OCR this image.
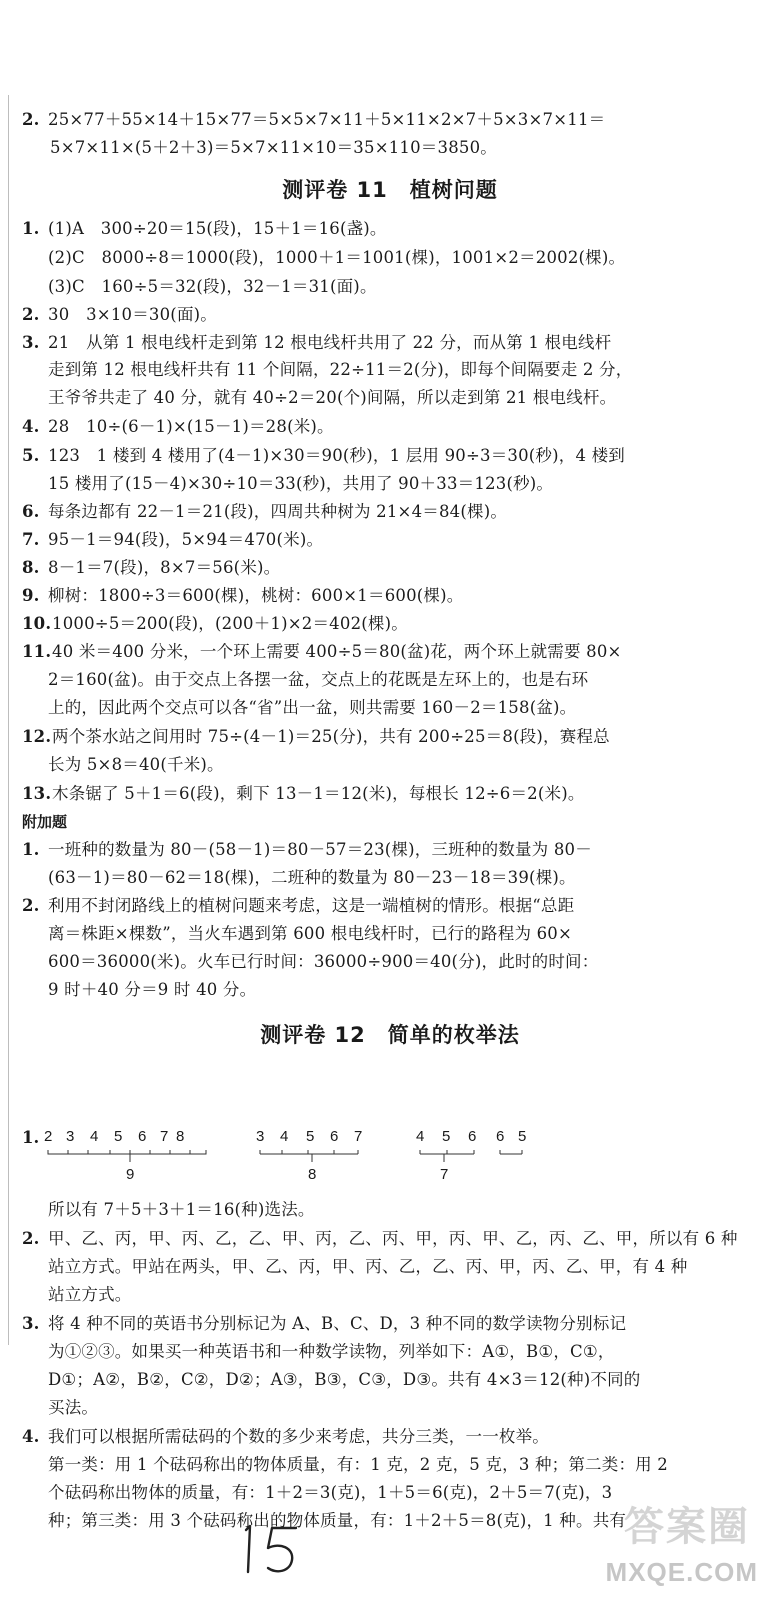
2. 25×77＋55×14＋15×77＝5×5×7×11＋5×11×2×7＋5×3×7×11＝
5×7×11×(5＋2＋3)＝5×7×11×10＝35×110＝3850。
测评卷 11　植树问题
1. (1)A　300÷20＝15(段)，15＋1＝16(盏)。
(2)C　8000÷8＝1000(段)，1000＋1＝1001(棵)，1001×2＝2002(棵)。
(3)C　160÷5＝32(段)，32－1＝31(面)。
2. 30　3×10＝30(面)。
3. 21　从第 1 根电线杆走到第 12 根电线杆共用了 22 分，而从第 1 根电线杆
走到第 12 根电线杆共有 11 个间隔，22÷11＝2(分)，即每个间隔要走 2 分，
王爷爷共走了 40 分，就有 40÷2＝20(个)间隔，所以走到第 21 根电线杆。
4. 28　10÷(6－1)×(15－1)＝28(米)。
5. 123　1 楼到 4 楼用了(4－1)×30＝90(秒)，1 层用 90÷3＝30(秒)，4 楼到
15 楼用了(15－4)×30÷10＝33(秒)，共用了 90＋33＝123(秒)。
6. 每条边都有 22－1＝21(段)，四周共种树为 21×4＝84(棵)。
7. 95－1＝94(段)，5×94＝470(米)。
8. 8－1＝7(段)，8×7＝56(米)。
9. 柳树：1800÷3＝600(棵)，桃树：600×1＝600(棵)。
10.1000÷5＝200(段)，(200＋1)×2＝402(棵)。
11.40 米＝400 分米，一个环上需要 400÷5＝80(盆)花，两个环上就需要 80×
2＝160(盆)。由于交点上各摆一盆，交点上的花既是左环上的，也是右环
上的，因此两个交点可以各“省”出一盆，则共需要 160－2＝158(盆)。
12.两个茶水站之间用时 75÷(4－1)＝25(分)，共有 200÷25＝8(段)，赛程总
长为 5×8＝40(千米)。
13.木条锯了 5＋1＝6(段)，剩下 13－1＝12(米)，每根长 12÷6＝2(米)。
附加题
1. 一班种的数量为 80－(58－1)＝80－57＝23(棵)，三班种的数量为 80－
(63－1)＝80－62＝18(棵)，二班种的数量为 80－23－18＝39(棵)。
2. 利用不封闭路线上的植树问题来考虑，这是一端植树的情形。根据“总距
离＝株距×棵数”，当火车遇到第 600 根电线杆时，已行的路程为 60×
600＝36000(米)。火车已行时间：36000÷900＝40(分)，此时的时间：
9 时＋40 分＝9 时 40 分。
测评卷 12　简单的枚举法
1. 2 3 4 5 6 7 8
9
3 4 5 6 7
8
4 5 6
7
6 5
所以有 7＋5＋3＋1＝16(种)选法。
2. 甲、乙、丙，甲、丙、乙，乙、甲、丙，乙、丙、甲，丙、甲、乙，丙、乙、甲，所以有 6 种
站立方式。甲站在两头，甲、乙、丙，甲、丙、乙，乙、丙、甲，丙、乙、甲，有 4 种
站立方式。
3. 将 4 种不同的英语书分别标记为 A、B、C、D，3 种不同的数学读物分别标记
为①②③。如果买一种英语书和一种数学读物，列举如下：A①，B①，C①，
D①；A②，B②，C②，D②；A③，B③，C③，D③。共有 4×3＝12(种)不同的
买法。
4. 我们可以根据所需砝码的个数的多少来考虑，共分三类，一一枚举。
第一类：用 1 个砝码称出的物体质量，有：1 克，2 克，5 克，3 种；第二类：用 2
个砝码称出物体的质量，有：1＋2＝3(克)，1＋5＝6(克)，2＋5＝7(克)，3
种；第三类：用 3 个砝码称出的物体质量，有：1＋2＋5＝8(克)，1 种。共有
答案圈
MXQE.COM
